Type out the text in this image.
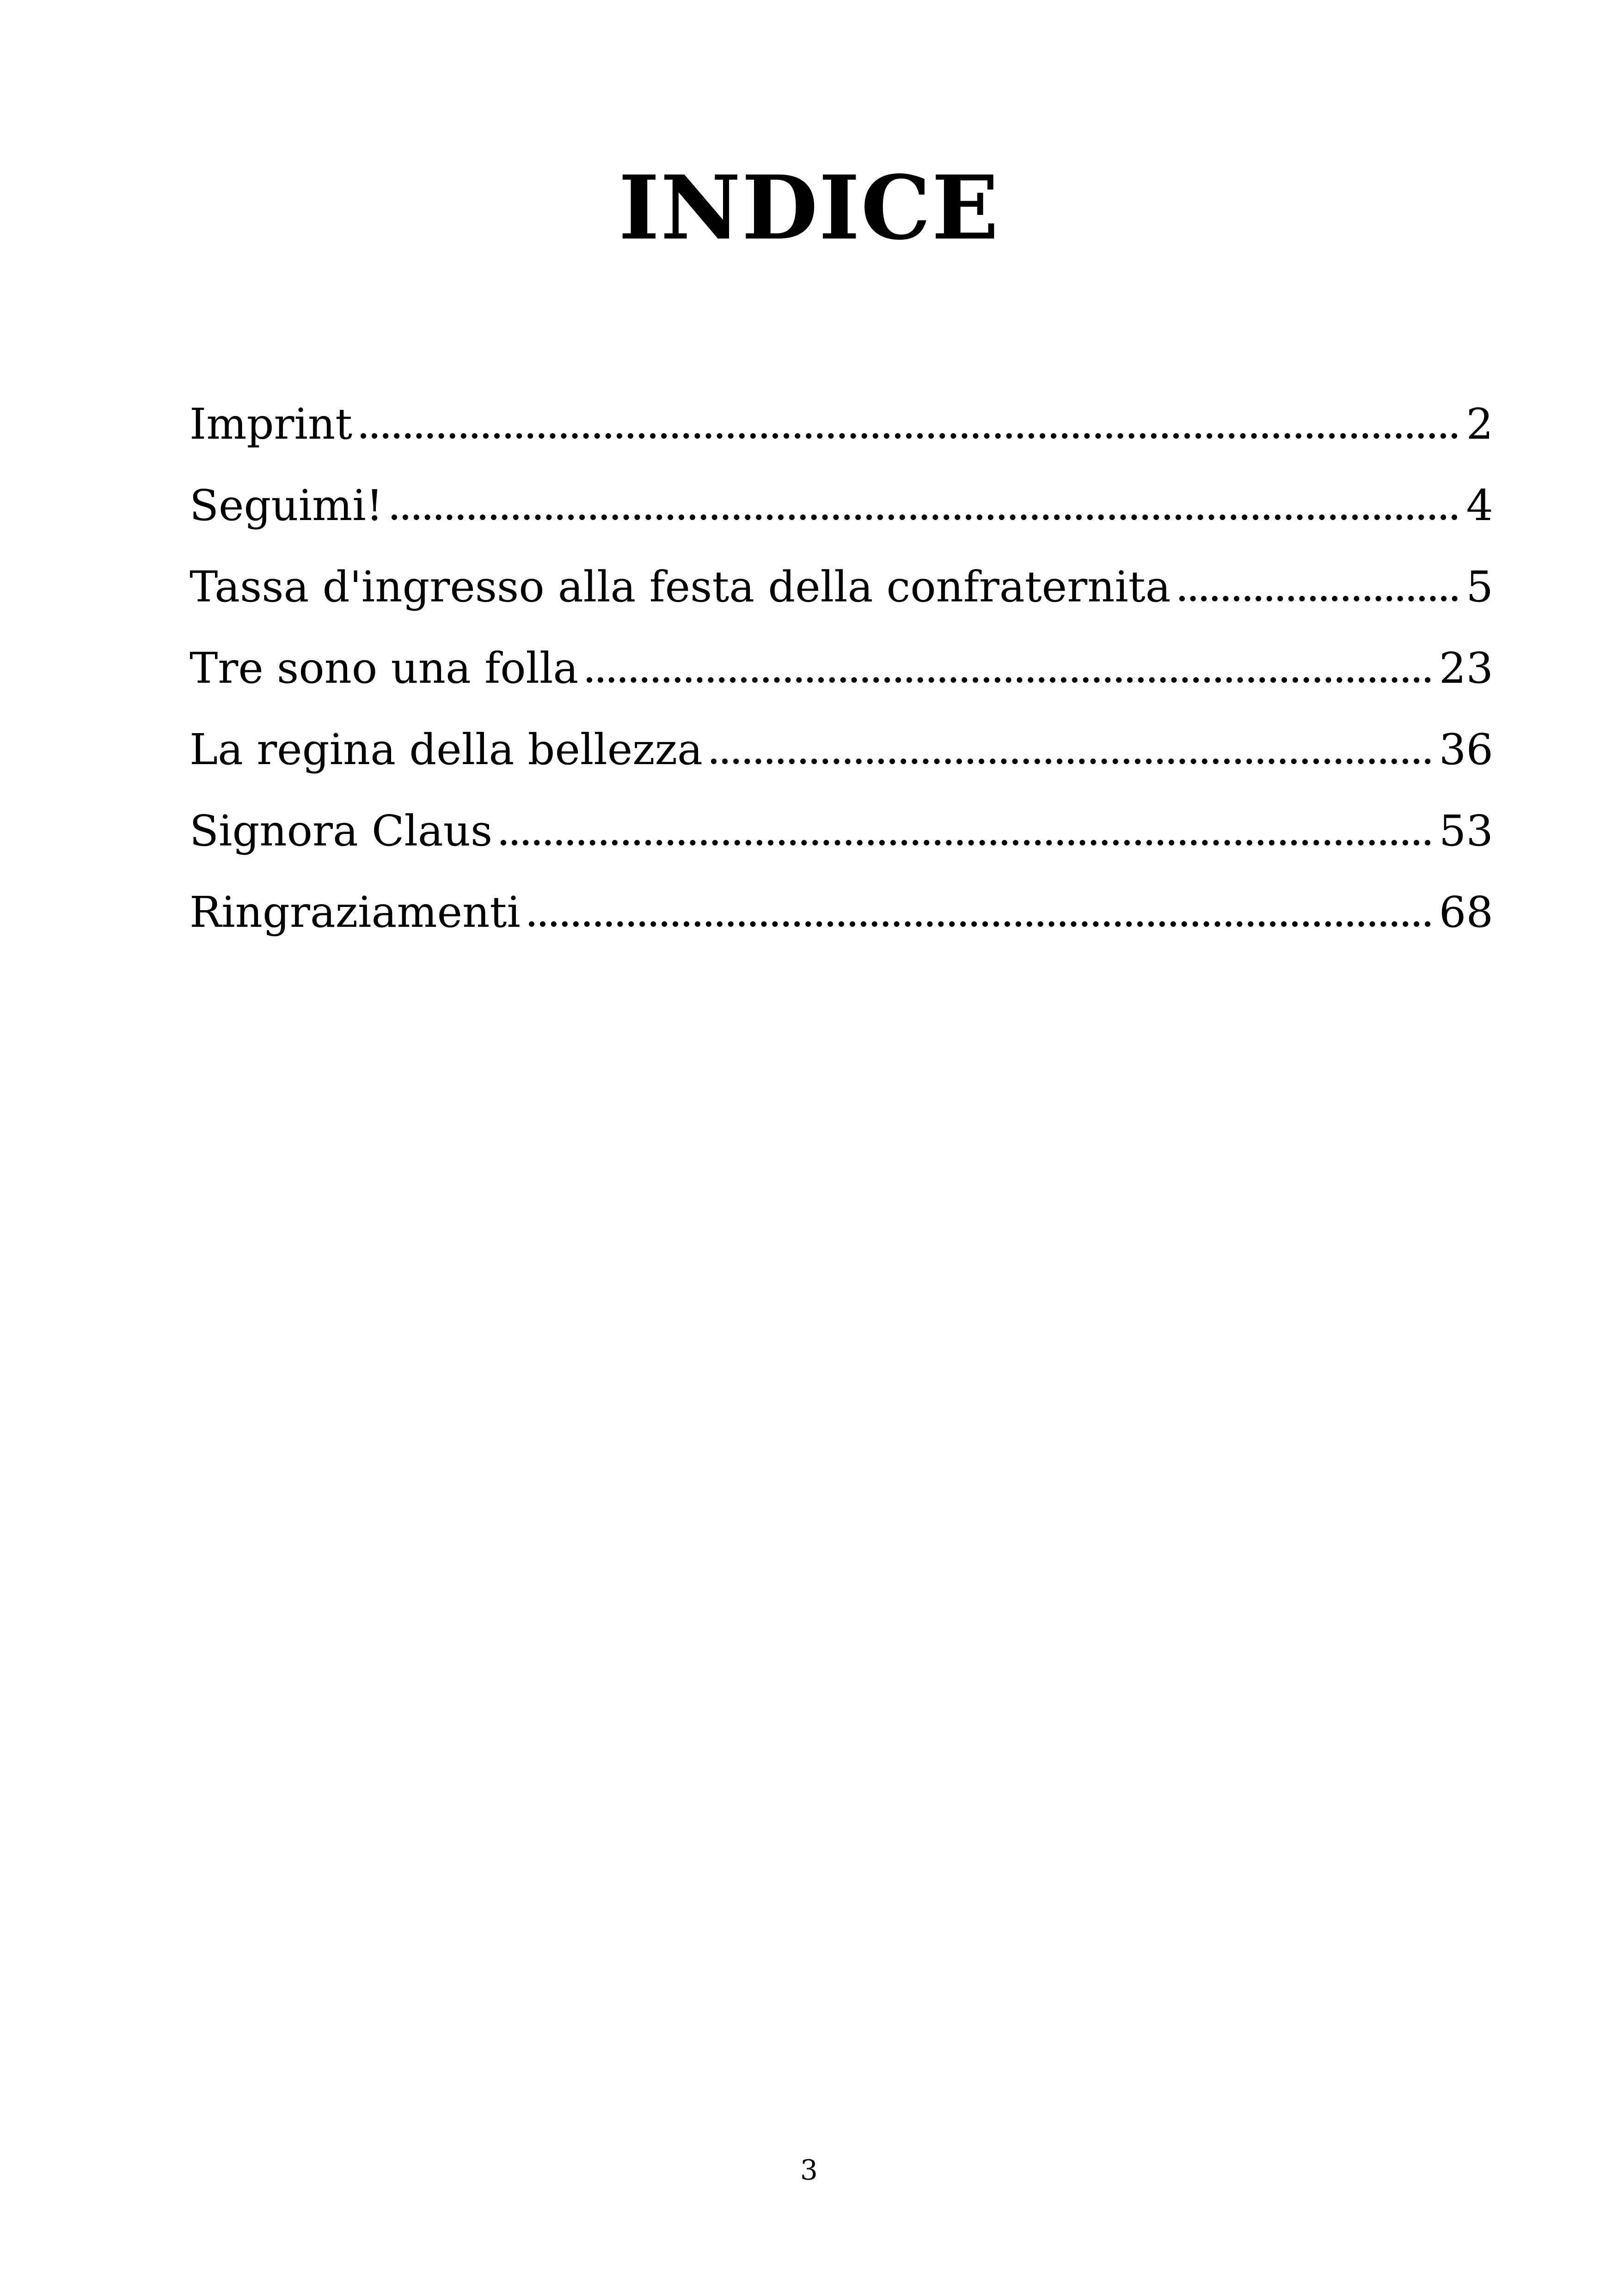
INDICE
Imprint	2
Seguimi!	4
Tassa d'ingresso alla festa della confraternita	5
Tre sono una folla	23
La regina della bellezza	36
Signora Claus	53
Ringraziamenti	68
3
